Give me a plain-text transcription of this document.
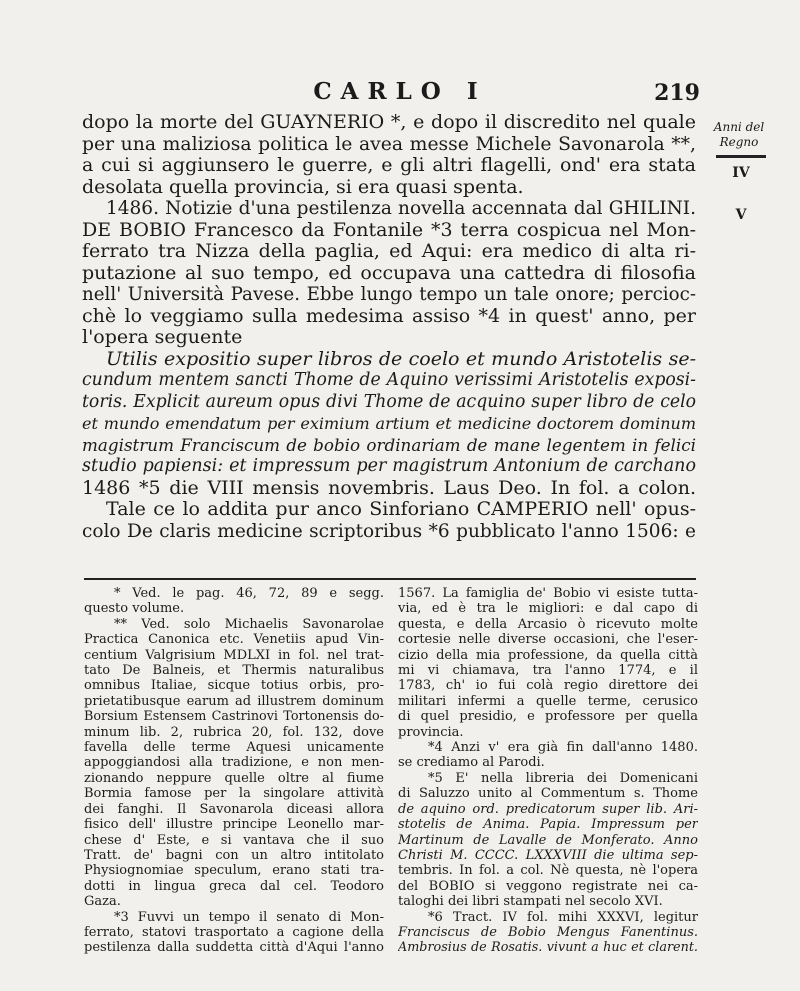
CARLO I	219
Anni del Regno
IV
V
dopo la morte del GUAYNERIO *, e dopo il discredito nel quale
per una maliziosa politica le avea messe Michele Savonarola **,
a cui si aggiunsero le guerre, e gli altri flagelli, ond' era stata
desolata quella provincia, si era quasi spenta.
1486. Notizie d'una pestilenza novella accennata dal GHILINI.
DE BOBIO Francesco da Fontanile *3 terra cospicua nel Mon-
ferrato tra Nizza della paglia, ed Aqui: era medico di alta ri-
putazione al suo tempo, ed occupava una cattedra di filosofia
nell' Università Pavese. Ebbe lungo tempo un tale onore; percioc-
chè lo veggiamo sulla medesima assiso *4 in quest' anno, per
l'opera seguente
Utilis expositio super libros de coelo et mundo Aristotelis se-
cundum mentem sancti Thome de Aquino verissimi Aristotelis exposi-
toris. Explicit aureum opus divi Thome de acquino super libro de celo
et mundo emendatum per eximium artium et medicine doctorem dominum
magistrum Franciscum de bobio ordinariam de mane legentem in felici
studio papiensi: et impressum per magistrum Antonium de carchano
1486 *5 die VIII mensis novembris. Laus Deo. In fol. a colon.
Tale ce lo addita pur anco Sinforiano CAMPERIO nell' opus-
colo De claris medicine scriptoribus *6 pubblicato l'anno 1506: e
* Ved. le pag. 46, 72, 89 e segg.
questo volume.
** Ved. solo Michaelis Savonarolae
Practica Canonica etc. Venetiis apud Vin-
centium Valgrisium MDLXI in fol. nel trat-
tato De Balneis, et Thermis naturalibus
omnibus Italiae, sicque totius orbis, pro-
prietatibusque earum ad illustrem dominum
Borsium Estensem Castrinovi Tortonensis do-
minum lib. 2, rubrica 20, fol. 132, dove
favella delle terme Aquesi unicamente
appoggiandosi alla tradizione, e non men-
zionando neppure quelle oltre al fiume
Bormia famose per la singolare attività
dei fanghi. Il Savonarola diceasi allora
fisico dell' illustre principe Leonello mar-
chese d' Este, e si vantava che il suo
Tratt. de' bagni con un altro intitolato
Physiognomiae speculum, erano stati tra-
dotti in lingua greca dal cel. Teodoro
Gaza.
*3 Fuvvi un tempo il senato di Mon-
ferrato, statovi trasportato a cagione della
pestilenza dalla suddetta città d'Aqui l'anno
1567. La famiglia de' Bobio vi esiste tutta-
via, ed è tra le migliori: e dal capo di
questa, e della Arcasio ò ricevuto molte
cortesie nelle diverse occasioni, che l'eser-
cizio della mia professione, da quella città
mi vi chiamava, tra l'anno 1774, e il
1783, ch' io fui colà regio direttore dei
militari infermi a quelle terme, cerusico
di quel presidio, e professore per quella
provincia.
*4 Anzi v' era già fin dall'anno 1480.
se crediamo al Parodi.
*5 E' nella libreria dei Domenicani
di Saluzzo unito al Commentum s. Thome
de aquino ord. predicatorum super lib. Ari-
stotelis de Anima. Papia. Impressum per
Martinum de Lavalle de Monferato. Anno
Christi M. CCCC. LXXXVIII die ultima sep-
tembris. In fol. a col. Nè questa, nè l'opera
del BOBIO si veggono registrate nei ca-
taloghi dei libri stampati nel secolo XVI.
*6 Tract. IV fol. mihi XXXVI, legitur
Franciscus de Bobio Mengus Fanentinus.
Ambrosius de Rosatis. vivunt a huc et clarent.
